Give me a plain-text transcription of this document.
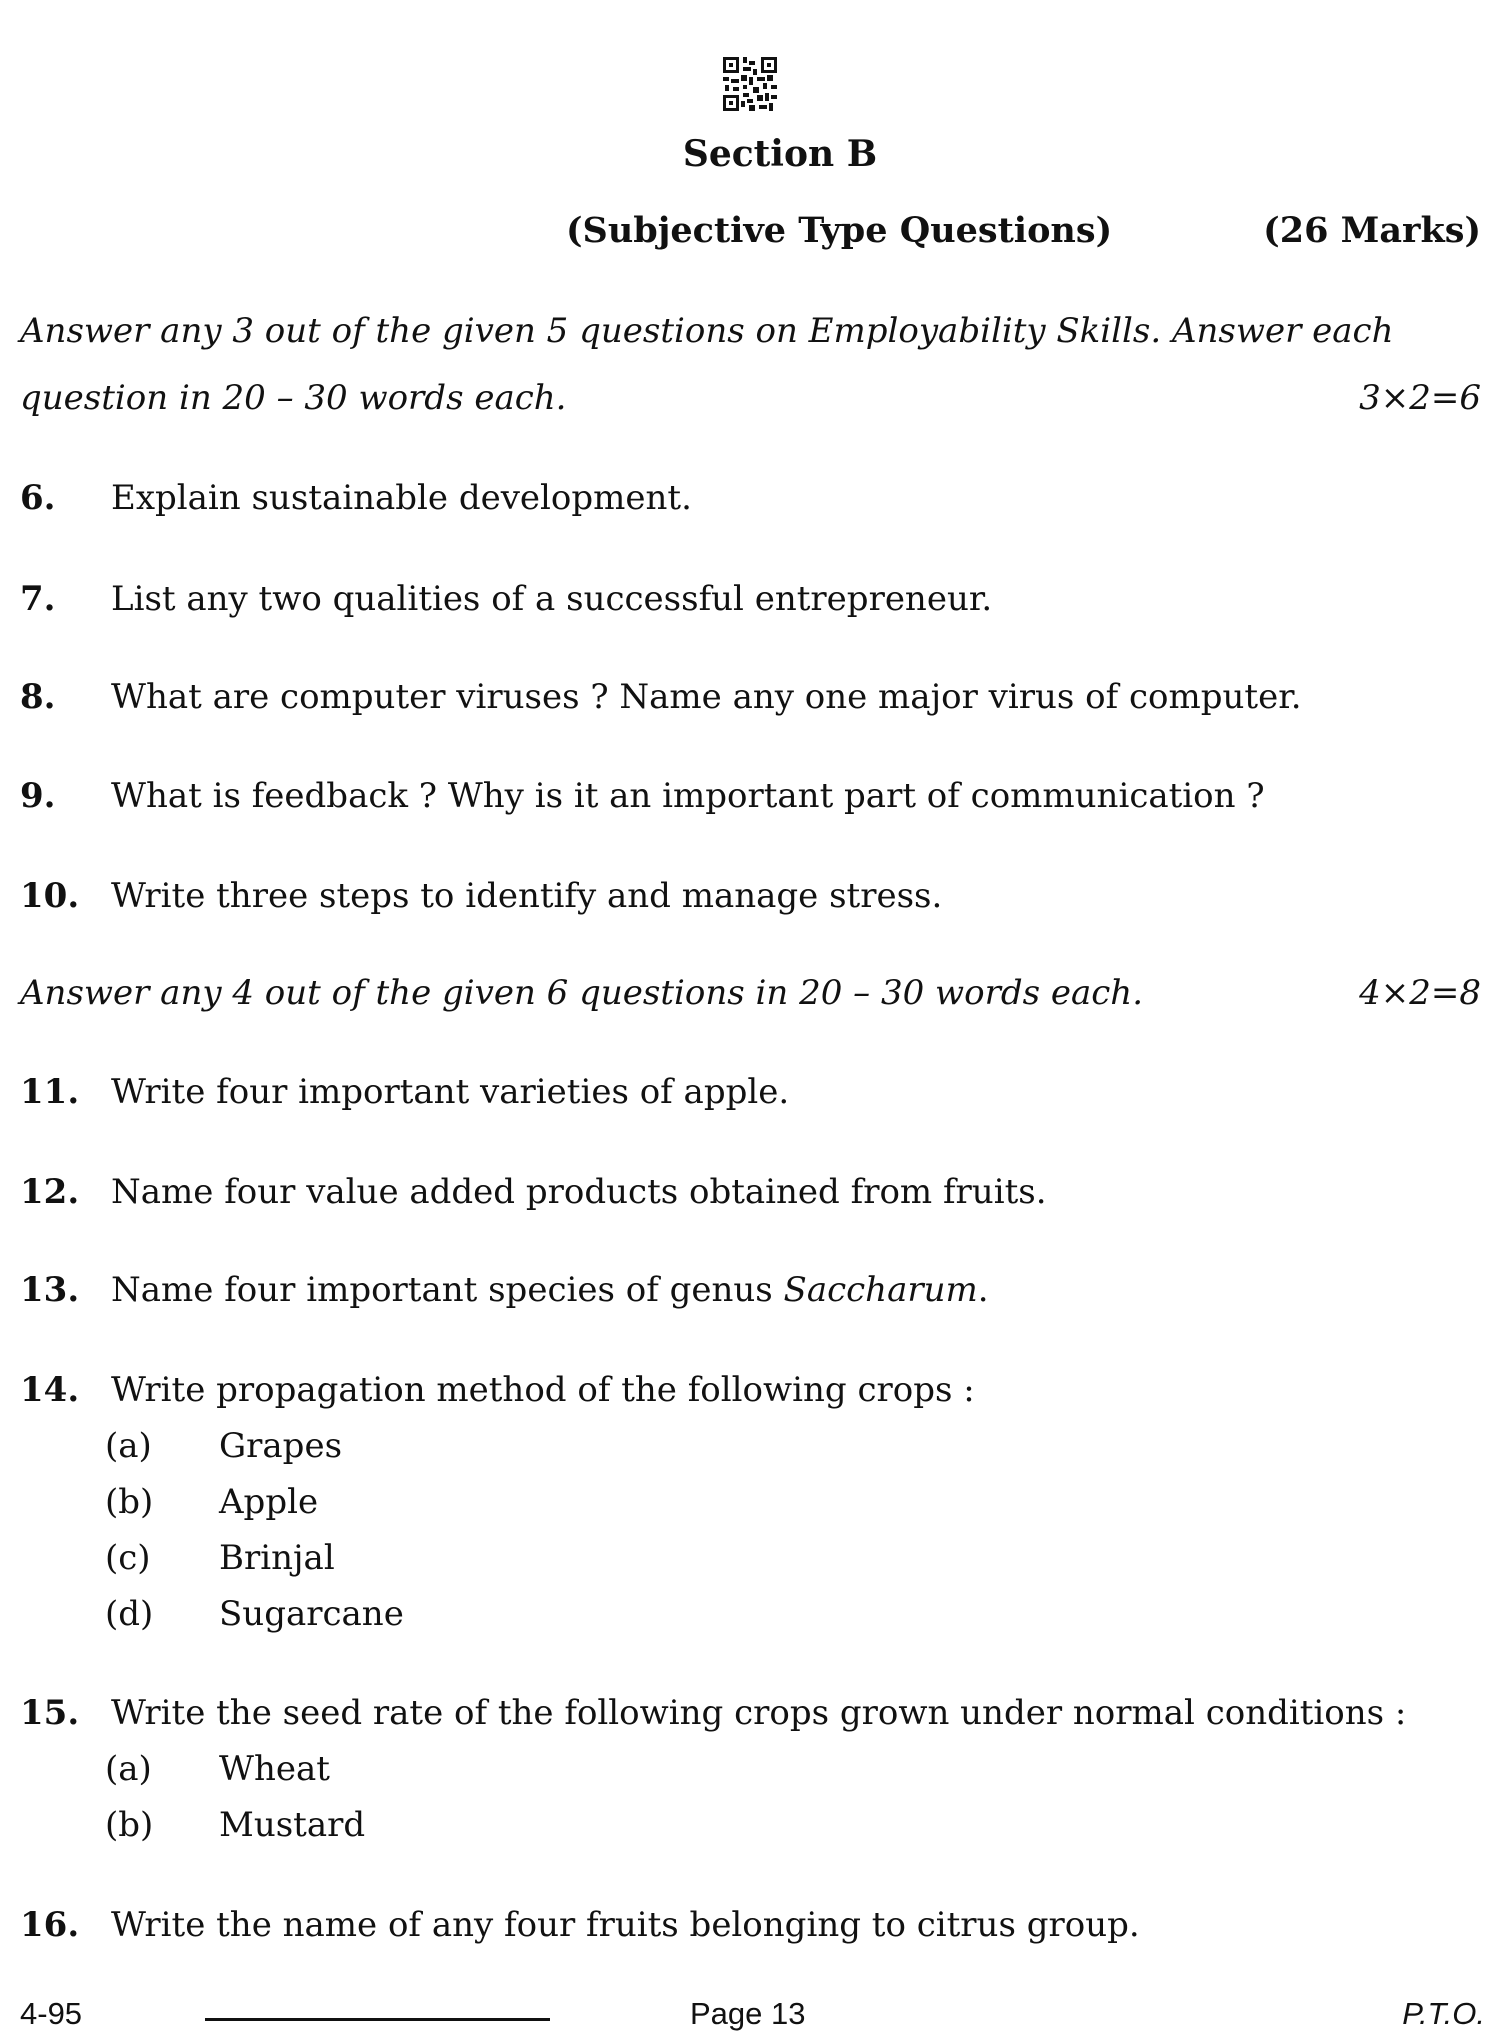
Section B
(Subjective Type Questions)	(26 Marks)
Answer any 3 out of the given 5 questions on Employability Skills. Answer each
question in 20 – 30 words each.	3×2=6
6. Explain sustainable development.
7. List any two qualities of a successful entrepreneur.
8. What are computer viruses ? Name any one major virus of computer.
9. What is feedback ? Why is it an important part of communication ?
10. Write three steps to identify and manage stress.
Answer any 4 out of the given 6 questions in 20 – 30 words each.	4×2=8
11. Write four important varieties of apple.
12. Name four value added products obtained from fruits.
13. Name four important species of genus Saccharum.
14. Write propagation method of the following crops :
(a) Grapes
(b) Apple
(c) Brinjal
(d) Sugarcane
15. Write the seed rate of the following crops grown under normal conditions :
(a) Wheat
(b) Mustard
16. Write the name of any four fruits belonging to citrus group.
4-95	Page 13	P.T.O.
